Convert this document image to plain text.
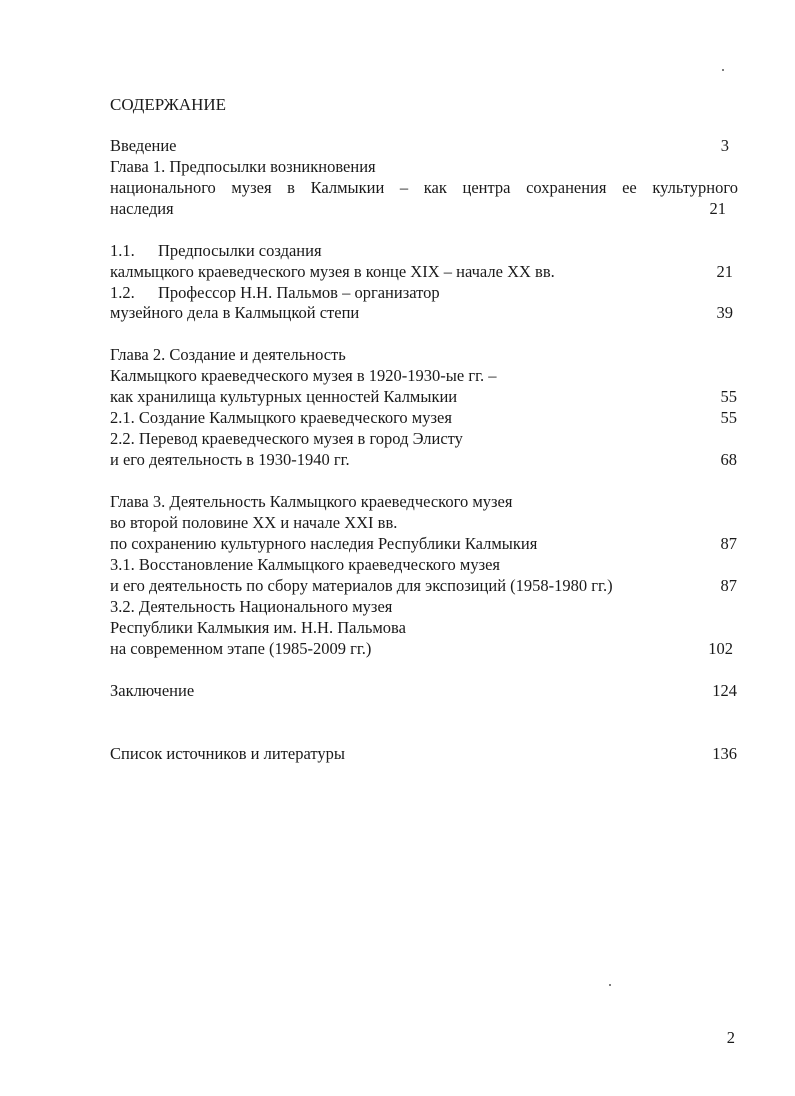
СОДЕРЖАНИЕ
Введение	3
Глава 1. Предпосылки возникновения
национального музея в Калмыкии – как центра сохранения ее культурного
наследия	21
1.1. Предпосылки создания
калмыцкого краеведческого музея в конце XIX – начале XX вв.	21
1.2. Профессор Н.Н. Пальмов – организатор
музейного дела в Калмыцкой степи	39
Глава 2. Создание и деятельность
Калмыцкого краеведческого музея в 1920-1930-ые гг. –
как хранилища культурных ценностей Калмыкии	55
2.1. Создание Калмыцкого краеведческого музея	55
2.2. Перевод краеведческого музея в город Элисту
и его деятельность в 1930-1940 гг.	68
Глава 3. Деятельность Калмыцкого краеведческого музея
во второй половине XX и начале XXI вв.
по сохранению культурного наследия Республики Калмыкия	87
3.1. Восстановление Калмыцкого краеведческого музея
и его деятельность по сбору материалов для экспозиций (1958-1980 гг.)	87
3.2. Деятельность Национального музея
Республики Калмыкия им. Н.Н. Пальмова
на современном этапе (1985-2009 гг.)	102
Заключение	124
Список источников и литературы	136
2
